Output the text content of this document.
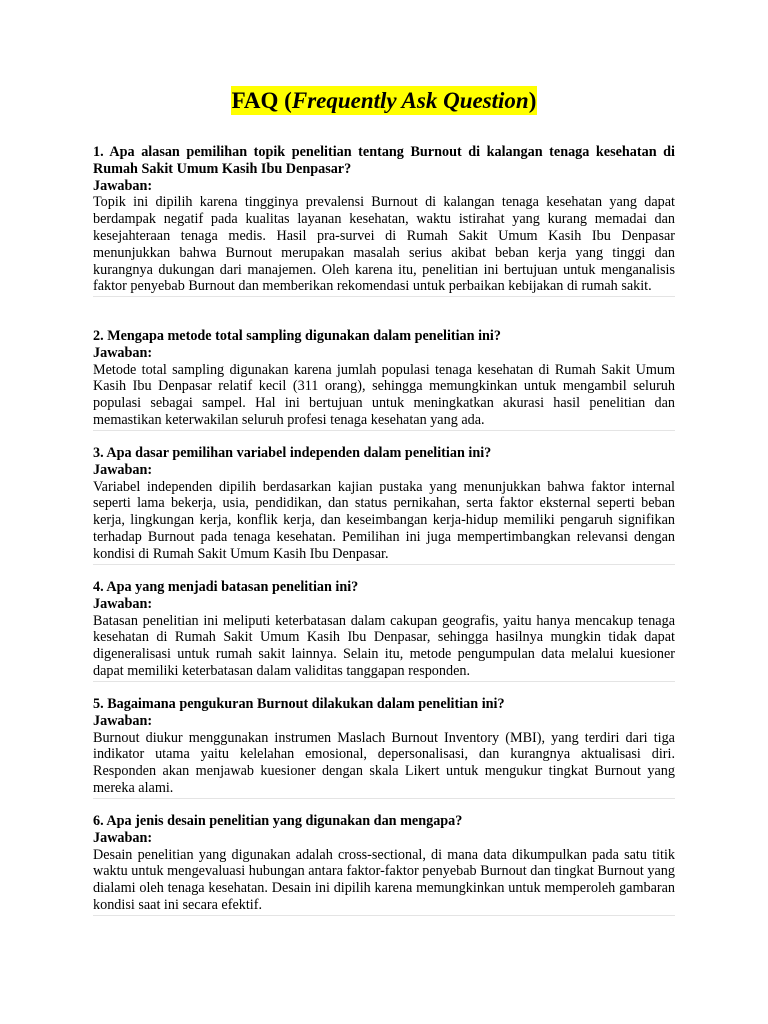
FAQ (Frequently Ask Question)
1. Apa alasan pemilihan topik penelitian tentang Burnout di kalangan tenaga kesehatan di Rumah Sakit Umum Kasih Ibu Denpasar?
Jawaban:
Topik ini dipilih karena tingginya prevalensi Burnout di kalangan tenaga kesehatan yang dapat berdampak negatif pada kualitas layanan kesehatan, waktu istirahat yang kurang memadai dan kesejahteraan tenaga medis. Hasil pra-survei di Rumah Sakit Umum Kasih Ibu Denpasar menunjukkan bahwa Burnout merupakan masalah serius akibat beban kerja yang tinggi dan kurangnya dukungan dari manajemen. Oleh karena itu, penelitian ini bertujuan untuk menganalisis faktor penyebab Burnout dan memberikan rekomendasi untuk perbaikan kebijakan di rumah sakit.
2. Mengapa metode total sampling digunakan dalam penelitian ini?
Jawaban:
Metode total sampling digunakan karena jumlah populasi tenaga kesehatan di Rumah Sakit Umum Kasih Ibu Denpasar relatif kecil (311 orang), sehingga memungkinkan untuk mengambil seluruh populasi sebagai sampel. Hal ini bertujuan untuk meningkatkan akurasi hasil penelitian dan memastikan keterwakilan seluruh profesi tenaga kesehatan yang ada.
3. Apa dasar pemilihan variabel independen dalam penelitian ini?
Jawaban:
Variabel independen dipilih berdasarkan kajian pustaka yang menunjukkan bahwa faktor internal seperti lama bekerja, usia, pendidikan, dan status pernikahan, serta faktor eksternal seperti beban kerja, lingkungan kerja, konflik kerja, dan keseimbangan kerja-hidup memiliki pengaruh signifikan terhadap Burnout pada tenaga kesehatan. Pemilihan ini juga mempertimbangkan relevansi dengan kondisi di Rumah Sakit Umum Kasih Ibu Denpasar.
4. Apa yang menjadi batasan penelitian ini?
Jawaban:
Batasan penelitian ini meliputi keterbatasan dalam cakupan geografis, yaitu hanya mencakup tenaga kesehatan di Rumah Sakit Umum Kasih Ibu Denpasar, sehingga hasilnya mungkin tidak dapat digeneralisasi untuk rumah sakit lainnya. Selain itu, metode pengumpulan data melalui kuesioner dapat memiliki keterbatasan dalam validitas tanggapan responden.
5. Bagaimana pengukuran Burnout dilakukan dalam penelitian ini?
Jawaban:
Burnout diukur menggunakan instrumen Maslach Burnout Inventory (MBI), yang terdiri dari tiga indikator utama yaitu kelelahan emosional, depersonalisasi, dan kurangnya aktualisasi diri. Responden akan menjawab kuesioner dengan skala Likert untuk mengukur tingkat Burnout yang mereka alami.
6. Apa jenis desain penelitian yang digunakan dan mengapa?
Jawaban:
Desain penelitian yang digunakan adalah cross-sectional, di mana data dikumpulkan pada satu titik waktu untuk mengevaluasi hubungan antara faktor-faktor penyebab Burnout dan tingkat Burnout yang dialami oleh tenaga kesehatan. Desain ini dipilih karena memungkinkan untuk memperoleh gambaran kondisi saat ini secara efektif.
